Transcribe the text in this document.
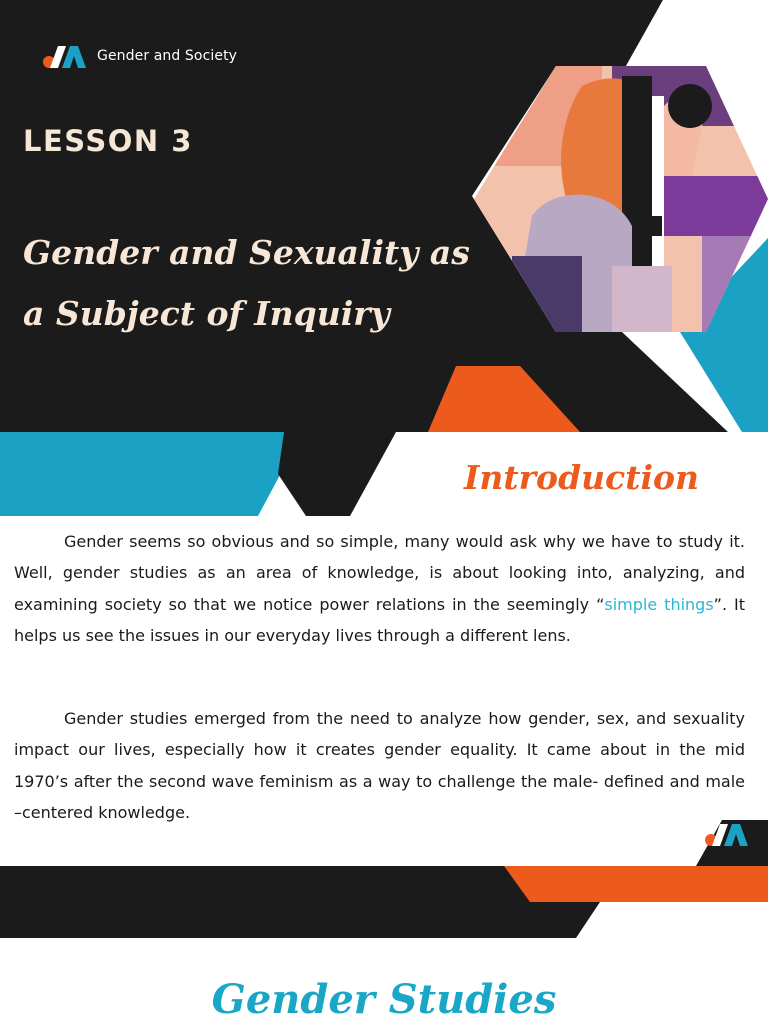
Gender and Society
LESSON 3
Gender and Sexuality as
a Subject of Inquiry
Introduction
Gender seems so obvious and so simple, many would ask why we have to study it. Well, gender studies as an area of knowledge, is about looking into, analyzing, and examining society so that we notice power relations in the seemingly “simple things”. It helps us see the issues in our everyday lives through a different lens.
Gender studies emerged from the need to analyze how gender, sex, and sexuality impact our lives, especially how it creates gender equality. It came about in the mid 1970’s after the second wave feminism as a way to challenge the male- defined and male –centered knowledge.
Gender Studies
